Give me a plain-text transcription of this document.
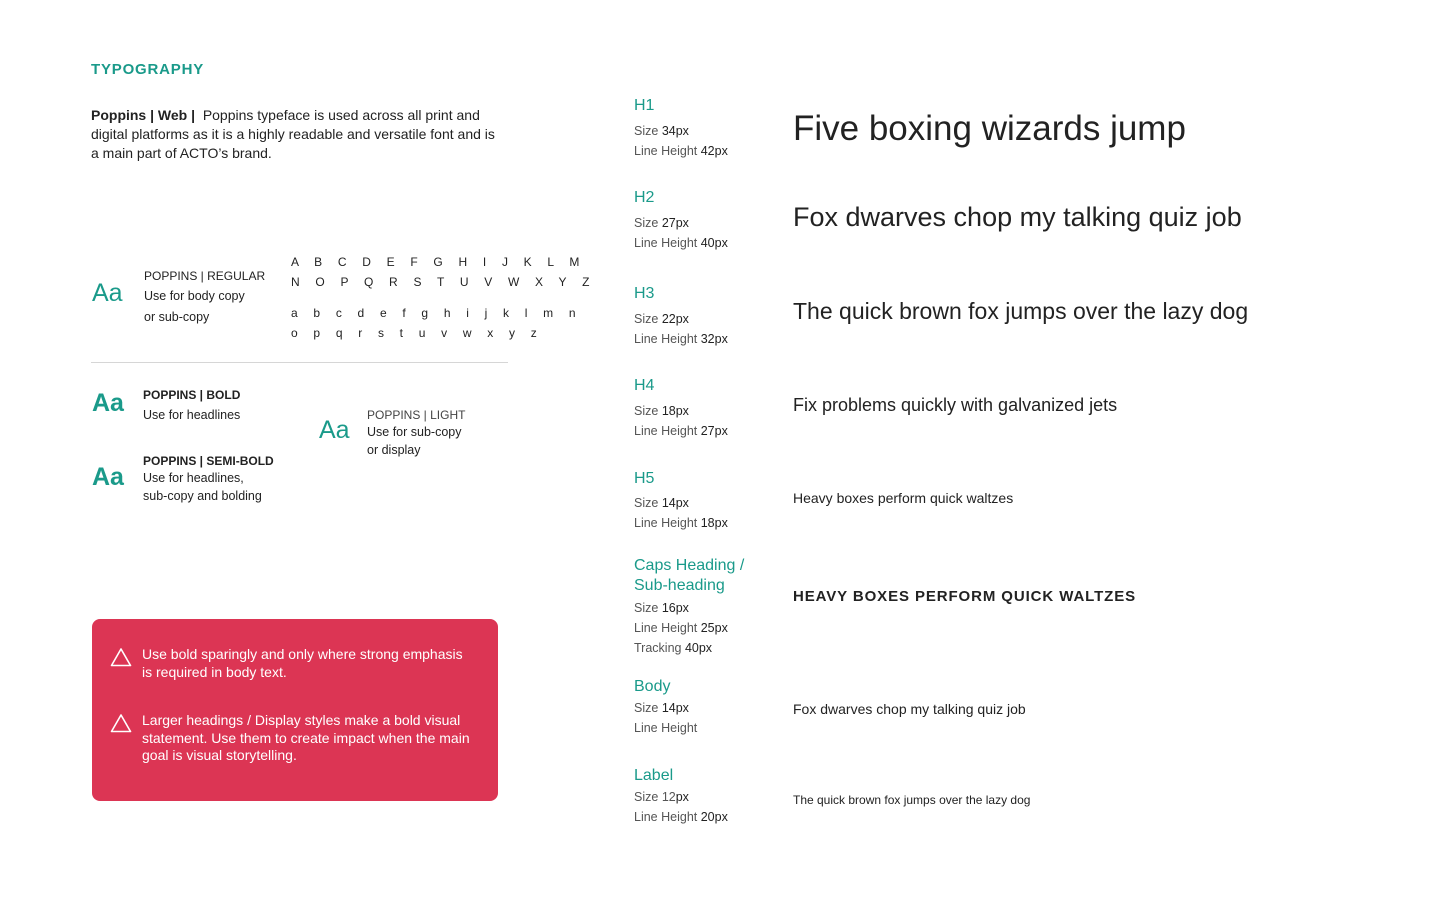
TYPOGRAPHY
Poppins | Web | Poppins typeface is used across all print and digital platforms as it is a highly readable and versatile font and is a main part of ACTO’s brand.
Aa
POPPINS | REGULAR
Use for body copy
or sub-copy
A B C D E F G H I J K L M
N O P Q R S T U V W X Y Z
a b c d e f g h i j k l m n
o p q r s t u v w x y z
Aa POPPINS | BOLD
Use for headlines
Aa
POPPINS | SEMI-BOLD
Use for headlines,
sub-copy and bolding
Aa
POPPINS | LIGHT
Use for sub-copy
or display
Use bold sparingly and only where strong emphasis is required in body text.
Larger headings / Display styles make a bold visual statement. Use them to create impact when the main goal is visual storytelling.
H1
Size 34px
Line Height 42px
Five boxing wizards jump
H2
Size 27px
Line Height 40px
Fox dwarves chop my talking quiz job
H3
Size 22px
Line Height 32px
The quick brown fox jumps over the lazy dog
H4
Size 18px
Line Height 27px
Fix problems quickly with galvanized jets
H5
Size 14px
Line Height 18px
Heavy boxes perform quick waltzes
Caps Heading /
Sub-heading
Size 16px
Line Height 25px
Tracking 40px
HEAVY BOXES PERFORM QUICK WALTZES
Body
Size 14px
Line Height
Fox dwarves chop my talking quiz job
Label
Size 12px
Line Height 20px
The quick brown fox jumps over the lazy dog
